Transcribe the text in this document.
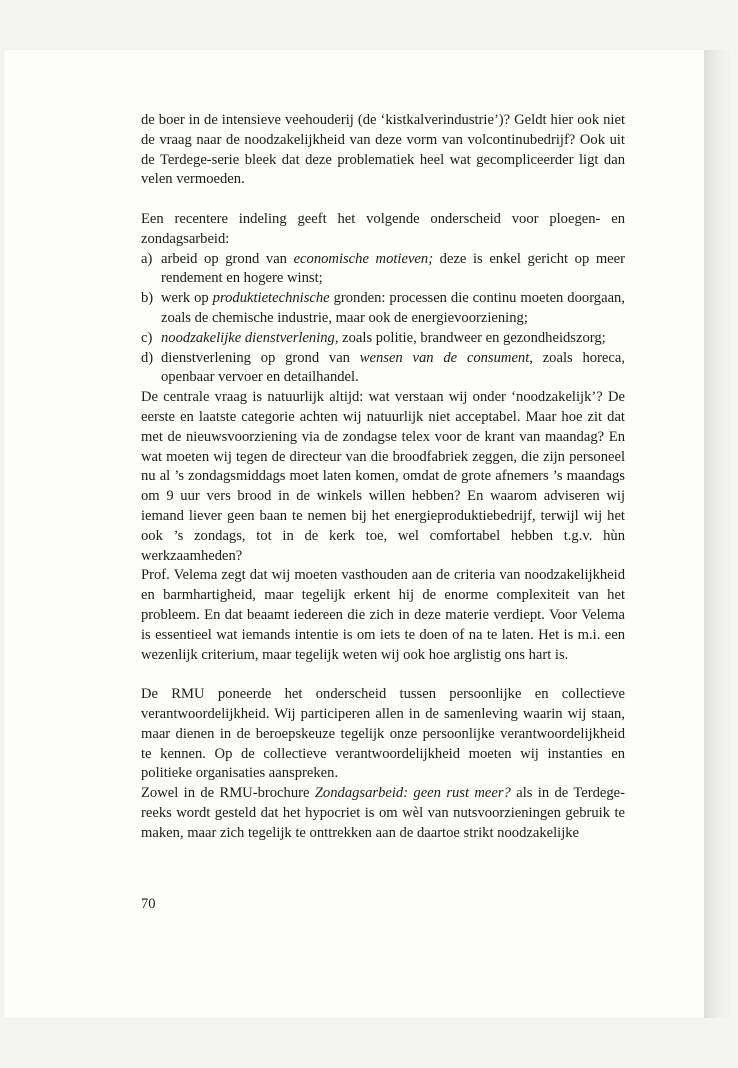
de boer in de intensieve veehouderij (de ‘kistkalverindustrie’)? Geldt hier ook niet de vraag naar de noodzakelijkheid van deze vorm van volcontinubedrijf? Ook uit de Terdege-serie bleek dat deze problematiek heel wat gecompliceerder ligt dan velen vermoeden.

Een recentere indeling geeft het volgende onderscheid voor ploegen- en zondagsarbeid:

a) arbeid op grond van economische motieven; deze is enkel gericht op meer rendement en hogere winst;
b) werk op produktietechnische gronden: processen die continu moeten doorgaan, zoals de chemische industrie, maar ook de energievoorziening;
c) noodzakelijke dienstverlening, zoals politie, brandweer en gezondheidszorg;
d) dienstverlening op grond van wensen van de consument, zoals horeca, openbaar vervoer en detailhandel.

De centrale vraag is natuurlijk altijd: wat verstaan wij onder ‘noodzakelijk’? De eerste en laatste categorie achten wij natuurlijk niet acceptabel. Maar hoe zit dat met de nieuwsvoorziening via de zondagse telex voor de krant van maandag? En wat moeten wij tegen de directeur van die broodfabriek zeggen, die zijn personeel nu al ’s zondagsmiddags moet laten komen, omdat de grote afnemers ’s maandags om 9 uur vers brood in de winkels willen hebben? En waarom adviseren wij iemand liever geen baan te nemen bij het energieproduktiebedrijf, terwijl wij het ook ’s zondags, tot in de kerk toe, wel comfortabel hebben t.g.v. hùn werkzaamheden?

Prof. Velema zegt dat wij moeten vasthouden aan de criteria van noodzakelijkheid en barmhartigheid, maar tegelijk erkent hij de enorme complexiteit van het probleem. En dat beaamt iedereen die zich in deze materie verdiept. Voor Velema is essentieel wat iemands intentie is om iets te doen of na te laten. Het is m.i. een wezenlijk criterium, maar tegelijk weten wij ook hoe arglistig ons hart is.

De RMU poneerde het onderscheid tussen persoonlijke en collectieve verantwoordelijkheid. Wij participeren allen in de samenleving waarin wij staan, maar dienen in de beroepskeuze tegelijk onze persoonlijke verantwoordelijkheid te kennen. Op de collectieve verantwoordelijkheid moeten wij instanties en politieke organisaties aanspreken.

Zowel in de RMU-brochure Zondagsarbeid: geen rust meer? als in de Terdege-reeks wordt gesteld dat het hypocriet is om wèl van nutsvoorzieningen gebruik te maken, maar zich tegelijk te onttrekken aan de daartoe strikt noodzakelijke

70
